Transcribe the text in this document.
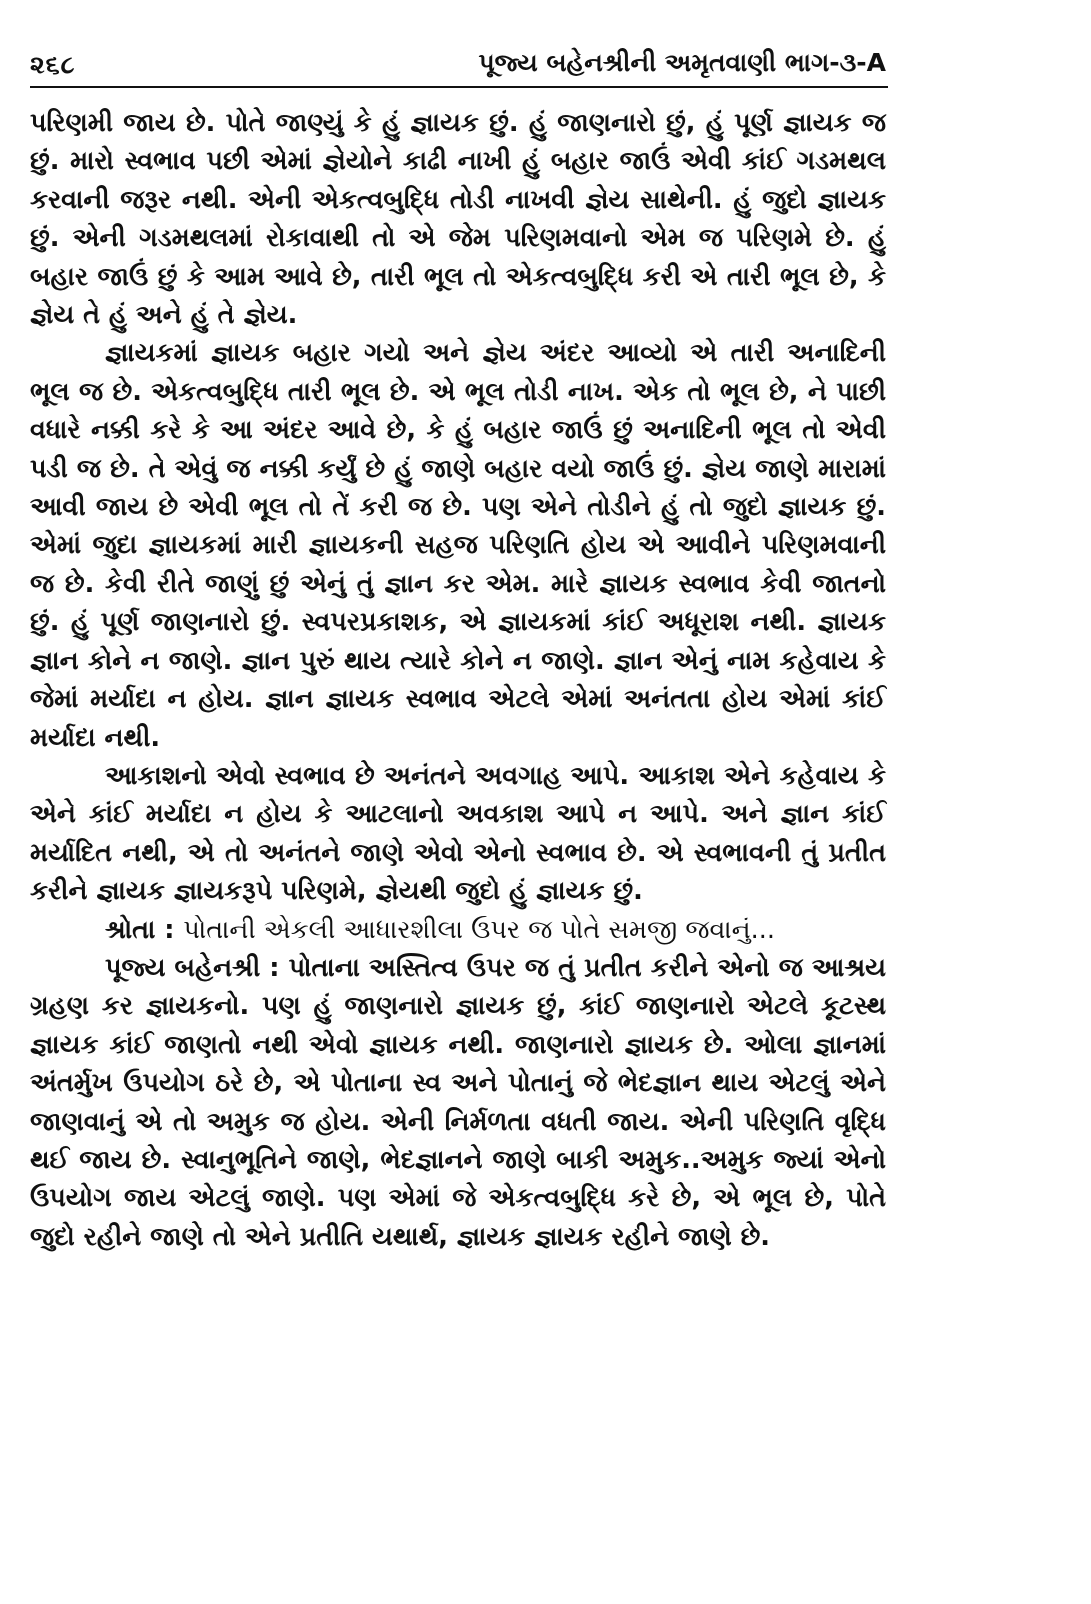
૨૬૮	પૂજ્ય બહેનશ્રીની અમૃતવાણી ભાગ-૩-A

પરિણમી જાય છે. પોતે જાણ્યું કે હું જ્ઞાયક છું. હું જાણનારો છું, હું પૂર્ણ જ્ઞાયક જ છું. મારો સ્વભાવ પછી એમાં જ્ઞેયોને કાઢી નાખી હું બહાર જાઉં એવી કાંઈ ગડમથલ કરવાની જરૂર નથી. એની એકત્વબુદ્ધિ તોડી નાખવી જ્ઞેય સાથેની. હું જુદો જ્ઞાયક છું. એની ગડમથલમાં રોકાવાથી તો એ જેમ પરિણમવાનો એમ જ પરિણમે છે. હું બહાર જાઉં છું કે આમ આવે છે, તારી ભૂલ તો એકત્વબુદ્ધિ કરી એ તારી ભૂલ છે, કે જ્ઞેય તે હું અને હું તે જ્ઞેય.

જ્ઞાયકમાં જ્ઞાયક બહાર ગયો અને જ્ઞેય અંદર આવ્યો એ તારી અનાદિની ભૂલ જ છે. એકત્વબુદ્ધિ તારી ભૂલ છે. એ ભૂલ તોડી નાખ. એક તો ભૂલ છે, ને પાછી વધારે નક્કી કરે કે આ અંદર આવે છે, કે હું બહાર જાઉં છું અનાદિની ભૂલ તો એવી પડી જ છે. તે એવું જ નક્કી કર્યું છે હું જાણે બહાર વયો જાઉં છું. જ્ઞેય જાણે મારામાં આવી જાય છે એવી ભૂલ તો તેં કરી જ છે. પણ એને તોડીને હું તો જુદો જ્ઞાયક છું. એમાં જુદા જ્ઞાયકમાં મારી જ્ઞાયકની સહજ પરિણતિ હોય એ આવીને પરિણમવાની જ છે. કેવી રીતે જાણું છું એનું તું જ્ઞાન કર એમ. મારે જ્ઞાયક સ્વભાવ કેવી જાતનો છું. હું પૂર્ણ જાણનારો છું. સ્વપરપ્રકાશક, એ જ્ઞાયકમાં કાંઈ અધૂરાશ નથી. જ્ઞાયક જ્ઞાન કોને ન જાણે. જ્ઞાન પુરું થાય ત્યારે કોને ન જાણે. જ્ઞાન એનું નામ કહેવાય કે જેમાં મર્યાદા ન હોય. જ્ઞાન જ્ઞાયક સ્વભાવ એટલે એમાં અનંતતા હોય એમાં કાંઈ મર્યાદા નથી.

આકાશનો એવો સ્વભાવ છે અનંતને અવગાહ આપે. આકાશ એને કહેવાય કે એને કાંઈ મર્યાદા ન હોય કે આટલાનો અવકાશ આપે ન આપે. અને જ્ઞાન કાંઈ મર્યાદિત નથી, એ તો અનંતને જાણે એવો એનો સ્વભાવ છે. એ સ્વભાવની તું પ્રતીત કરીને જ્ઞાયક જ્ઞાયકરૂપે પરિણમે, જ્ઞેયથી જુદો હું જ્ઞાયક છું.

શ્રોતા : પોતાની એકલી આધારશીલા ઉપર જ પોતે સમજી જવાનું...

પૂજ્ય બહેનશ્રી : પોતાના અસ્તિત્વ ઉપર જ તું પ્રતીત કરીને એનો જ આશ્રય ગ્રહણ કર જ્ઞાયકનો. પણ હું જાણનારો જ્ઞાયક છું, કાંઈ જાણનારો એટલે કૂટસ્થ જ્ઞાયક કાંઈ જાણતો નથી એવો જ્ઞાયક નથી. જાણનારો જ્ઞાયક છે. ઓલા જ્ઞાનમાં અંતર્મુખ ઉપયોગ ઠરે છે, એ પોતાના સ્વ અને પોતાનું જે ભેદજ્ઞાન થાય એટલું એને જાણવાનું એ તો અમુક જ હોય. એની નિર્મળતા વધતી જાય. એની પરિણતિ વૃદ્ધિ થઈ જાય છે. સ્વાનુભૂતિને જાણે, ભેદજ્ઞાનને જાણે બાકી અમુક..અમુક જ્યાં એનો ઉપયોગ જાય એટલું જાણે. પણ એમાં જે એકત્વબુદ્ધિ કરે છે, એ ભૂલ છે, પોતે જુદો રહીને જાણે તો એને પ્રતીતિ યથાર્થ, જ્ઞાયક જ્ઞાયક રહીને જાણે છે.
